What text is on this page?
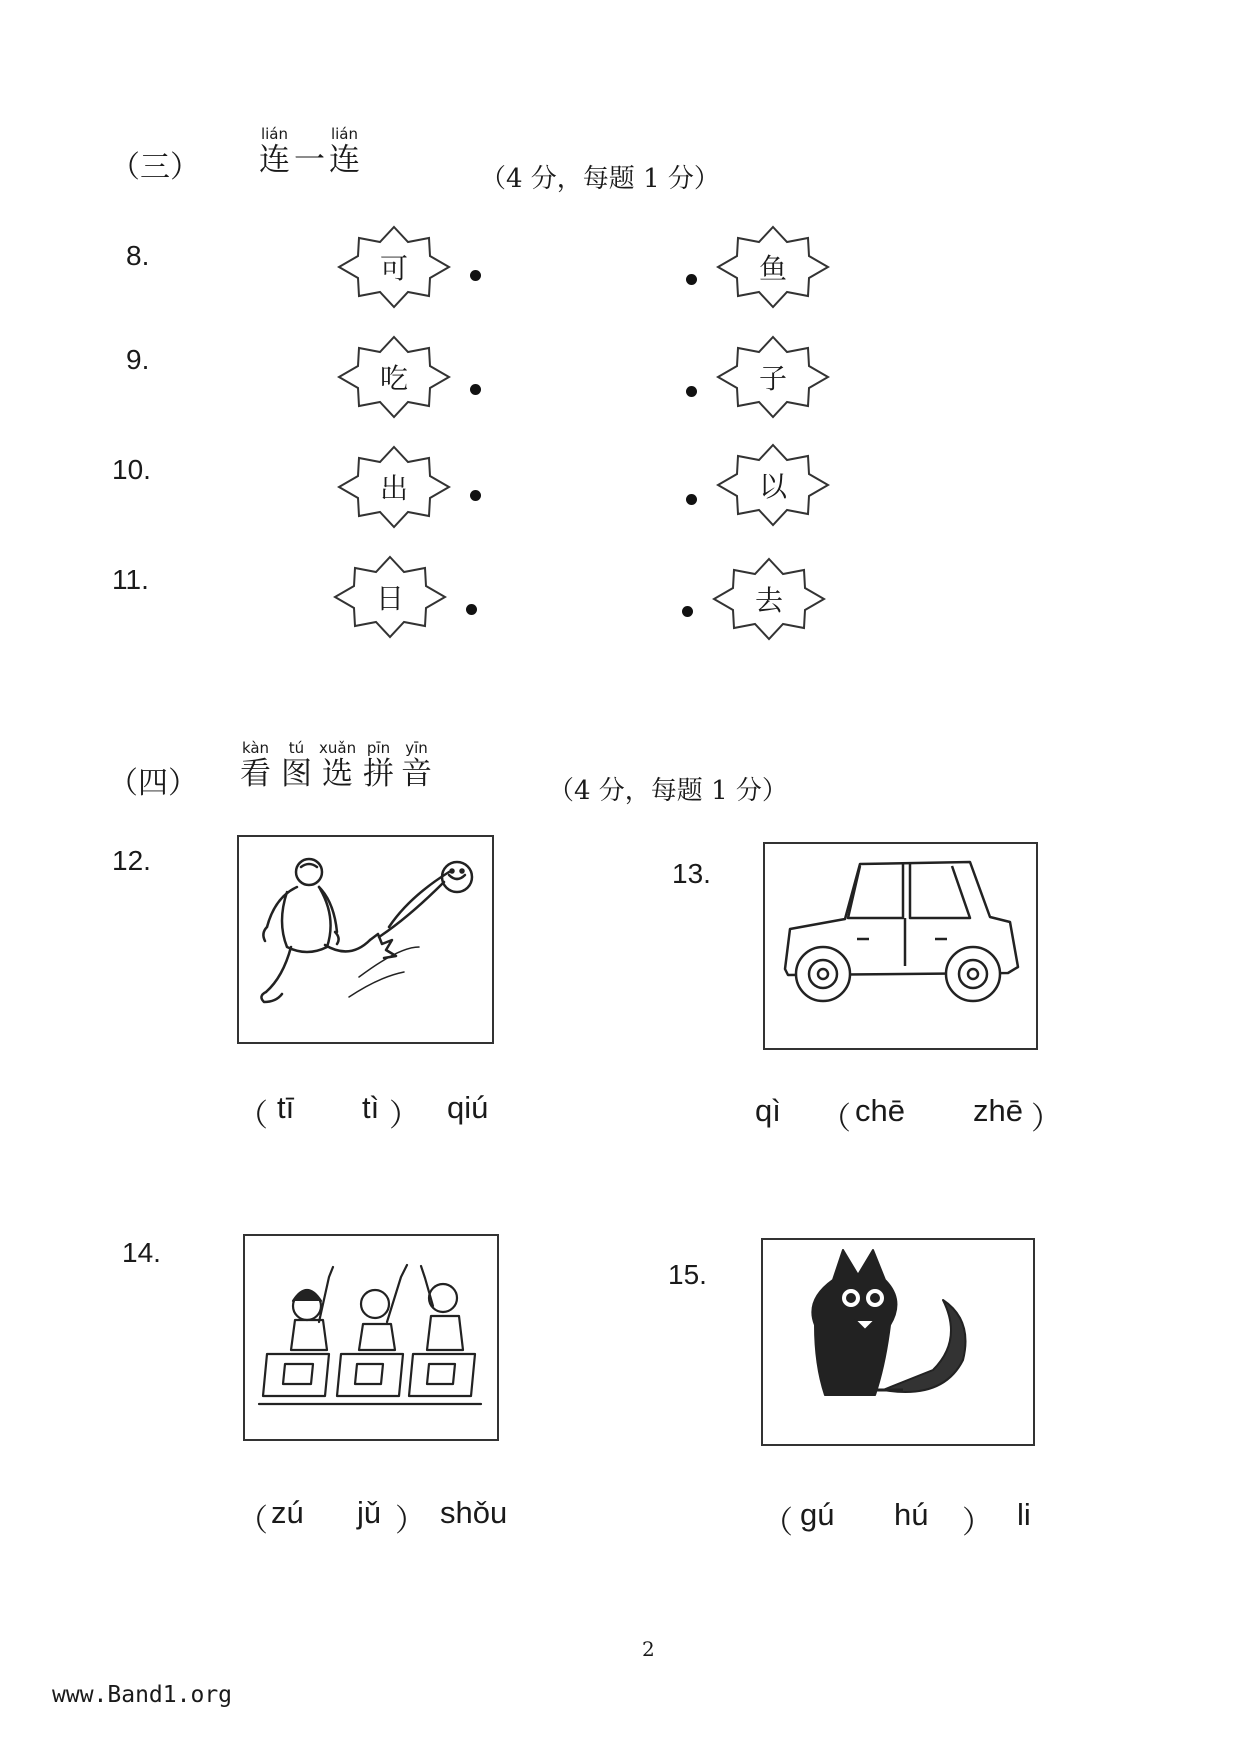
（三）
lián
连 一
lián
连
（4 分，每题 1 分）
8.	可	鱼
9.
吃	子
10.
出	以
11.
日	去
（四）
kàn
看
tú
图
xuǎn
选
pīn
拼
yīn
音	（4 分，每题 1 分）
12.
（ tī tì ） qiú
13.
qì （ chē zhē ）
14.
（ zú jǔ ） shǒu
15.
（ gú hú ） li
2
www.Band1.org
